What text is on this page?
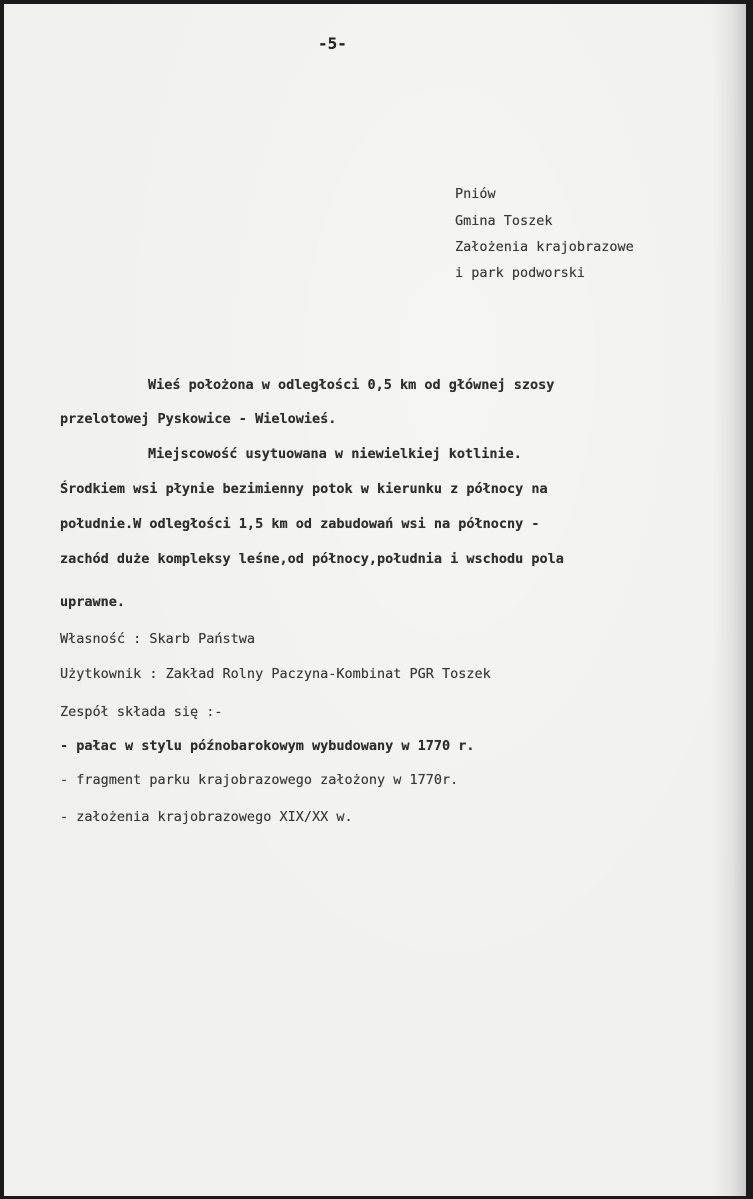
-5-
Pniów
Gmina Toszek
Założenia krajobrazowe
i park podworski
Wieś położona w odległości 0,5 km od głównej szosy
przelotowej Pyskowice - Wielowieś.
Miejscowość usytuowana w niewielkiej kotlinie.
Środkiem wsi płynie bezimienny potok w kierunku z północy na
południe.W odległości 1,5 km od zabudowań wsi na północny -
zachód duże kompleksy leśne,od północy,południa i wschodu pola
uprawne.
Własność : Skarb Państwa
Użytkownik : Zakład Rolny Paczyna-Kombinat PGR Toszek
Zespół składa się :-
- pałac w stylu późnobarokowym wybudowany w 1770 r.
- fragment parku krajobrazowego założony w 1770r.
- założenia krajobrazowego XIX/XX w.
